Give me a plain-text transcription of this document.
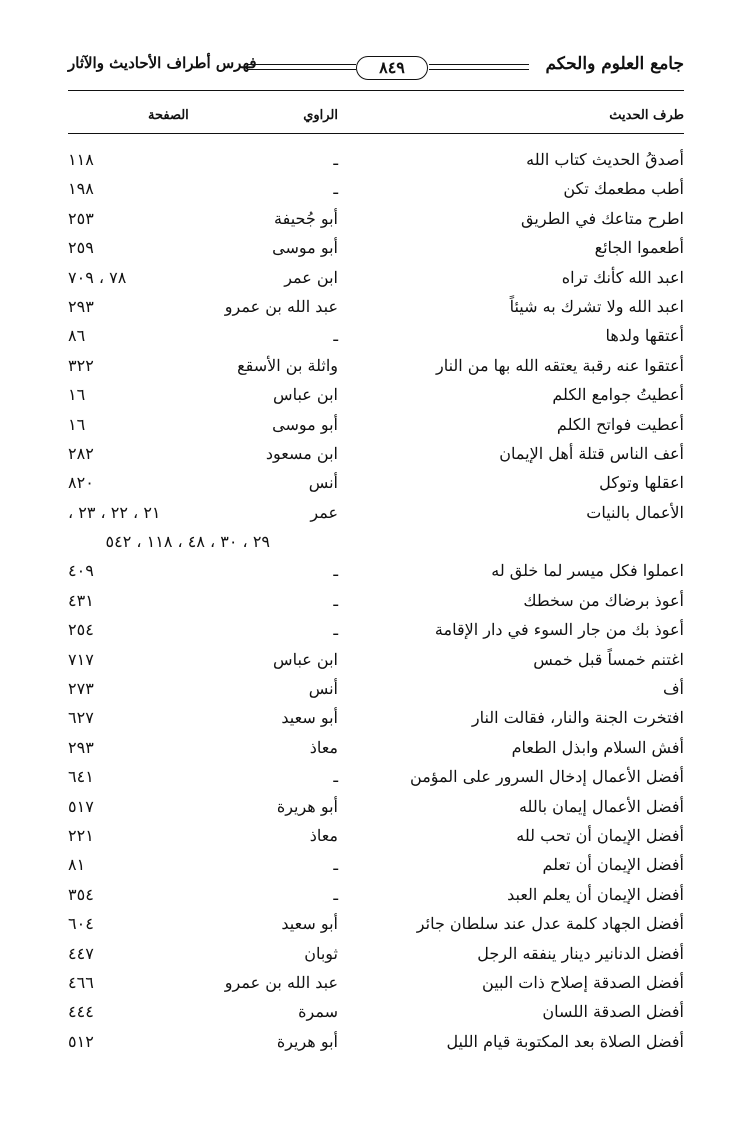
جامع العلوم والحكم
٨٤٩
فهرس أطراف الأحاديث والآثار
طرف الحديث
الراوي
الصفحة
أصدقُ الحديث كتاب الله
ـ
١١٨
أطب مطعمك تكن
ـ
١٩٨
اطرح متاعك في الطريق
أبو جُحيفة
٢٥٣
أطعموا الجائع
أبو موسى
٢٥٩
اعبد الله كأنك تراه
ابن عمر
٧٨ ، ٧٠٩
اعبد الله ولا تشرك به شيئاً
عبد الله بن عمرو
٢٩٣
أعتقها ولدها
ـ
٨٦
أعتقوا عنه رقبة يعتقه الله بها من النار
واثلة بن الأسقع
٣٢٢
أعطيتُ جوامع الكلم
ابن عباس
١٦
أعطيت فواتح الكلم
أبو موسى
١٦
أعف الناس قتلة أهل الإيمان
ابن مسعود
٢٨٢
اعقلها وتوكل
أنس
٨٢٠
الأعمال بالنيات
عمر
٢١ ، ٢٢ ، ٢٣ ،
٢٩ ، ٣٠ ، ٤٨ ، ١١٨ ، ٥٤٢
اعملوا فكل ميسر لما خلق له
ـ
٤٠٩
أعوذ برضاك من سخطك
ـ
٤٣١
أعوذ بك من جار السوء في دار الإقامة
ـ
٢٥٤
اغتنم خمساً قبل خمس
ابن عباس
٧١٧
أف
أنس
٢٧٣
افتخرت الجنة والنار، فقالت النار
أبو سعيد
٦٢٧
أفش السلام وابذل الطعام
معاذ
٢٩٣
أفضل الأعمال إدخال السرور على المؤمن
ـ
٦٤١
أفضل الأعمال إيمان بالله
أبو هريرة
٥١٧
أفضل الإيمان أن تحب لله
معاذ
٢٢١
أفضل الإيمان أن تعلم
ـ
٨١
أفضل الإيمان أن يعلم العبد
ـ
٣٥٤
أفضل الجهاد كلمة عدل عند سلطان جائر
أبو سعيد
٦٠٤
أفضل الدنانير دينار ينفقه الرجل
ثوبان
٤٤٧
أفضل الصدقة إصلاح ذات البين
عبد الله بن عمرو
٤٦٦
أفضل الصدقة اللسان
سمرة
٤٤٤
أفضل الصلاة بعد المكتوبة قيام الليل
أبو هريرة
٥١٢
